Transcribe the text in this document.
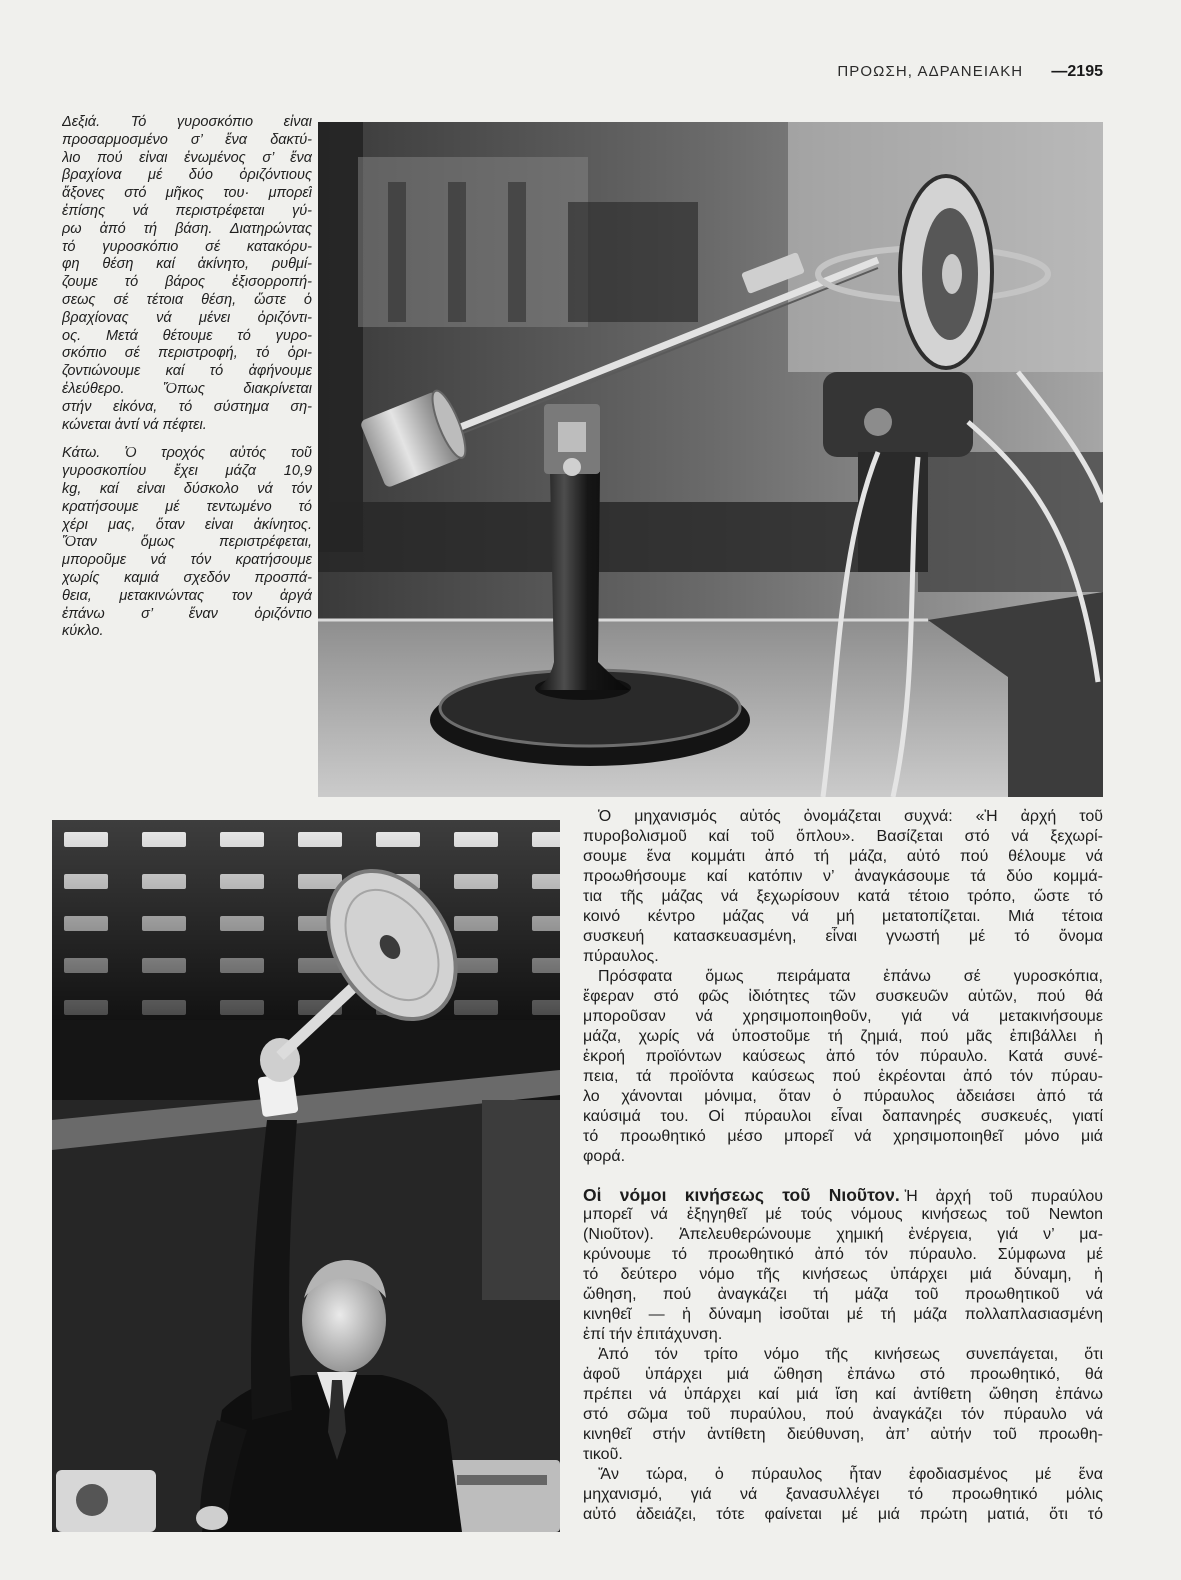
ΠΡΟΩΣΗ, ΑΔΡΑΝΕΙΑΚΗ —2195
Δεξιά. Τό γυροσκόπιο εἶναι
προσαρμοσμένο σ’ ἕνα δακτύ-
λιο πού εἶναι ἐνωμένος σ’ ἕνα
βραχίονα μέ δύο ὀριζόντιους
ἄξονες στό μῆκος του· μπορεῖ
ἐπίσης νά περιστρέφεται γύ-
ρω ἀπό τή βάση. Διατηρώντας
τό γυροσκόπιο σέ κατακόρυ-
φη θέση καί ἀκίνητο, ρυθμί-
ζουμε τό βάρος ἐξισορροπή-
σεως σέ τέτοια θέση, ὥστε ὁ
βραχίονας νά μένει ὀριζόντι-
ος. Μετά θέτουμε τό γυρο-
σκόπιο σέ περιστροφή, τό ὀρι-
ζοντιώνουμε καί τό ἀφήνουμε
ἐλεύθερο. Ὅπως διακρίνεται
στήν εἰκόνα, τό σύστημα ση-
κώνεται ἀντί νά πέφτει.
Κάτω. Ὁ τροχός αὐτός τοῦ
γυροσκοπίου ἔχει μάζα 10,9
kg, καί εἶναι δύσκολο νά τόν
κρατήσουμε μέ τεντωμένο τό
χέρι μας, ὅταν εἶναι ἀκίνητος.
Ὅταν ὅμως περιστρέφεται,
μποροῦμε νά τόν κρατήσουμε
χωρίς καμιά σχεδόν προσπά-
θεια, μετακινώντας τον ἀργά
ἐπάνω σ’ ἕναν ὀριζόντιο
κύκλο.
Ὁ μηχανισμός αὐτός ὀνομάζεται συχνά: «Ἡ ἀρχή τοῦ
πυροβολισμοῦ καί τοῦ ὅπλου». Βασίζεται στό νά ξεχωρί-
σουμε ἕνα κομμάτι ἀπό τή μάζα, αὐτό πού θέλουμε νά
προωθήσουμε καί κατόπιν ν’ ἀναγκάσουμε τά δύο κομμά-
τια τῆς μάζας νά ξεχωρίσουν κατά τέτοιο τρόπο, ὥστε τό
κοινό κέντρο μάζας νά μή μετατοπίζεται. Μιά τέτοια
συσκευή κατασκευασμένη, εἶναι γνωστή μέ τό ὄνομα
πύραυλος.
Πρόσφατα ὅμως πειράματα ἐπάνω σέ γυροσκόπια,
ἔφεραν στό φῶς ἰδιότητες τῶν συσκευῶν αὐτῶν, πού θά
μποροῦσαν νά χρησιμοποιηθοῦν, γιά νά μετακινήσουμε
μάζα, χωρίς νά ὑποστοῦμε τή ζημιά, πού μᾶς ἐπιβάλλει ἡ
ἐκροή προϊόντων καύσεως ἀπό τόν πύραυλο. Κατά συνέ-
πεια, τά προϊόντα καύσεως πού ἐκρέονται ἀπό τόν πύραυ-
λο χάνονται μόνιμα, ὅταν ὁ πύραυλος ἀδειάσει ἀπό τά
καύσιμά του. Οἱ πύραυλοι εἶναι δαπανηρές συσκευές, γιατί
τό προωθητικό μέσο μπορεῖ νά χρησιμοποιηθεῖ μόνο μιά
φορά.
Οἱ νόμοι κινήσεως τοῦ Νιοῦτον. Ἡ ἀρχή τοῦ πυραύλου
μπορεῖ νά ἐξηγηθεῖ μέ τούς νόμους κινήσεως τοῦ Newton
(Νιοῦτον). Ἀπελευθερώνουμε χημική ἐνέργεια, γιά ν’ μα-
κρύνουμε τό προωθητικό ἀπό τόν πύραυλο. Σύμφωνα μέ
τό δεύτερο νόμο τῆς κινήσεως ὑπάρχει μιά δύναμη, ἡ
ὤθηση, πού ἀναγκάζει τή μάζα τοῦ προωθητικοῦ νά
κινηθεῖ — ἡ δύναμη ἰσοῦται μέ τή μάζα πολλαπλασιασμένη
ἐπί τήν ἐπιτάχυνση.
Ἀπό τόν τρίτο νόμο τῆς κινήσεως συνεπάγεται, ὅτι
ἀφοῦ ὑπάρχει μιά ὤθηση ἐπάνω στό προωθητικό, θά
πρέπει νά ὑπάρχει καί μιά ἴση καί ἀντίθετη ὤθηση ἐπάνω
στό σῶμα τοῦ πυραύλου, πού ἀναγκάζει τόν πύραυλο νά
κινηθεῖ στήν ἀντίθετη διεύθυνση, ἀπ’ αὐτήν τοῦ προωθη-
τικοῦ.
Ἄν τώρα, ὁ πύραυλος ἦταν ἐφοδιασμένος μέ ἕνα
μηχανισμό, γιά νά ξανασυλλέγει τό προωθητικό μόλις
αὐτό ἀδειάζει, τότε φαίνεται μέ μιά πρώτη ματιά, ὅτι τό
